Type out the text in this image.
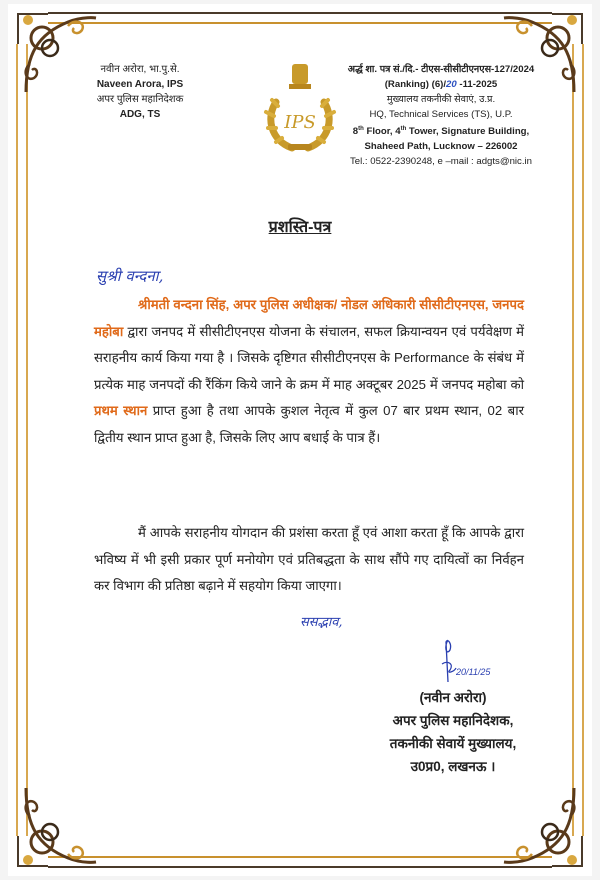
नवीन अरोरा, भा.पु.से.
Naveen Arora, IPS
अपर पुलिस महानिदेशक
ADG, TS	IPS
अर्द्ध शा. पत्र सं./दि.- टीएस-सीसीटीएनएस-127/2024
(Ranking) (6)/20 -11-2025
मुख्यालय तकनीकी सेवाएं, उ.प्र.
HQ, Technical Services (TS), U.P.
8th Floor, 4th Tower, Signature Building,
Shaheed Path, Lucknow – 226002
Tel.: 0522-2390248, e –mail : adgts@nic.in
प्रशस्ति-पत्र
सुश्री वन्दना,
श्रीमती वन्दना सिंह, अपर पुलिस अधीक्षक/ नोडल अधिकारी सीसीटीएनएस, जनपद महोबा द्वारा जनपद में सीसीटीएनएस योजना के संचालन, सफल क्रियान्वयन एवं पर्यवेक्षण में सराहनीय कार्य किया गया है । जिसके दृष्टिगत सीसीटीएनएस के Performance के संबंध में प्रत्येक माह जनपदों की रैंकिंग किये जाने के क्रम में माह अक्टूबर 2025 में जनपद महोबा को प्रथम स्थान प्राप्त हुआ है तथा आपके कुशल नेतृत्व में कुल 07 बार प्रथम स्थान, 02 बार द्वितीय स्थान प्राप्त हुआ है, जिसके लिए आप बधाई के पात्र हैं।
मैं आपके सराहनीय योगदान की प्रशंसा करता हूँ एवं आशा करता हूँ कि आपके द्वारा भविष्य में भी इसी प्रकार पूर्ण मनोयोग एवं प्रतिबद्धता के साथ सौंपे गए दायित्वों का निर्वहन कर विभाग की प्रतिष्ठा बढ़ाने में सहयोग किया जाएगा।
ससद्भाव,
20/11/25
(नवीन अरोरा)
अपर पुलिस महानिदेशक,
तकनीकी सेवायें मुख्यालय,
उ0प्र0, लखनऊ ।
